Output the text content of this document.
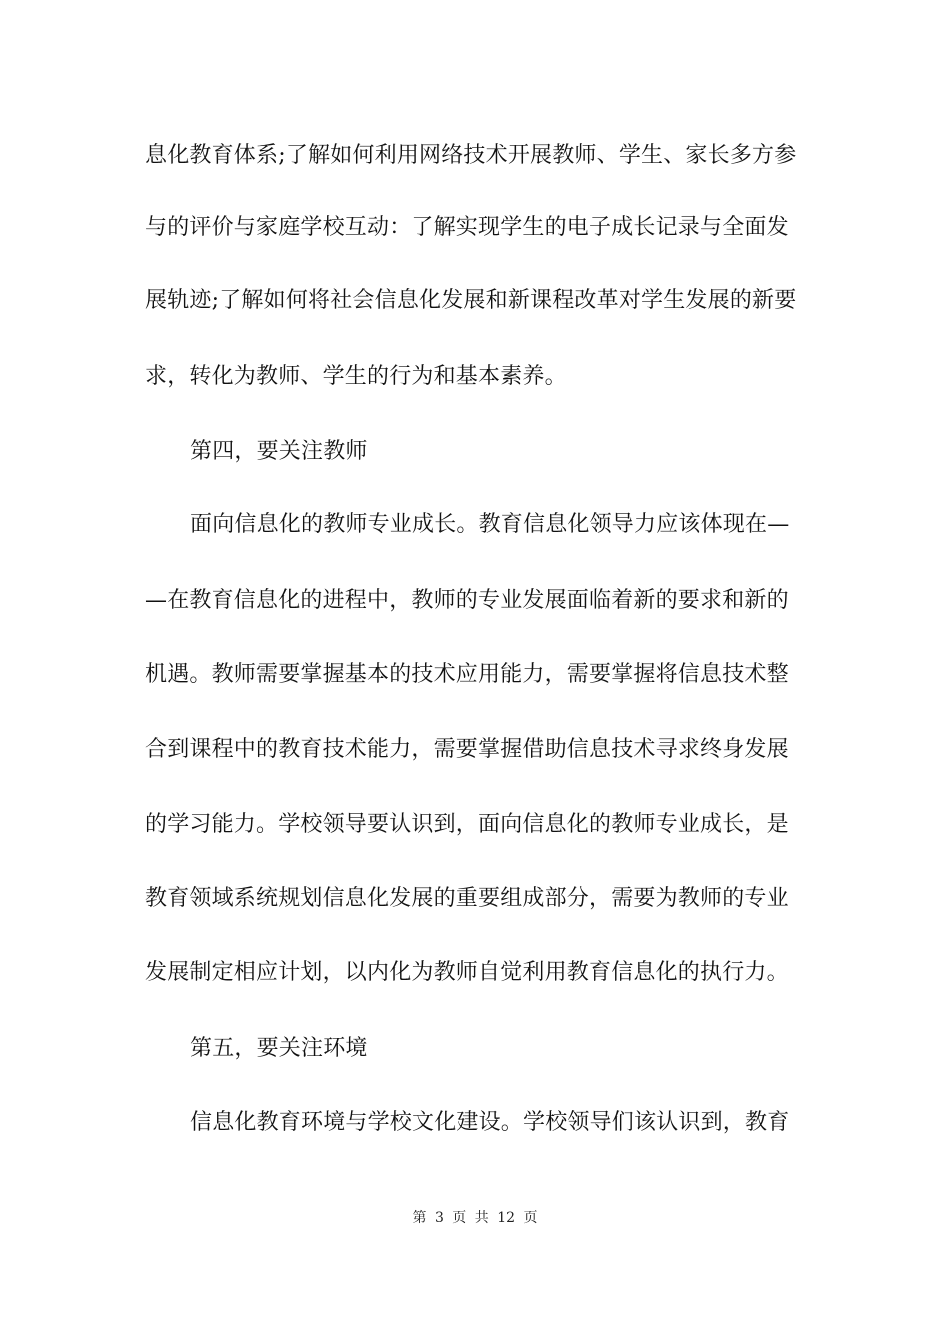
息化教育体系;了解如何利用网络技术开展教师、学生、家长多方参
与的评价与家庭学校互动：了解实现学生的电子成长记录与全面发
展轨迹;了解如何将社会信息化发展和新课程改革对学生发展的新要
求，转化为教师、学生的行为和基本素养。
第四，要关注教师
面向信息化的教师专业成长。教育信息化领导力应该体现在—
—在教育信息化的进程中，教师的专业发展面临着新的要求和新的
机遇。教师需要掌握基本的技术应用能力，需要掌握将信息技术整
合到课程中的教育技术能力，需要掌握借助信息技术寻求终身发展
的学习能力。学校领导要认识到，面向信息化的教师专业成长，是
教育领域系统规划信息化发展的重要组成部分，需要为教师的专业
发展制定相应计划，以内化为教师自觉利用教育信息化的执行力。
第五，要关注环境
信息化教育环境与学校文化建设。学校领导们该认识到，教育
第 3 页 共 12 页
